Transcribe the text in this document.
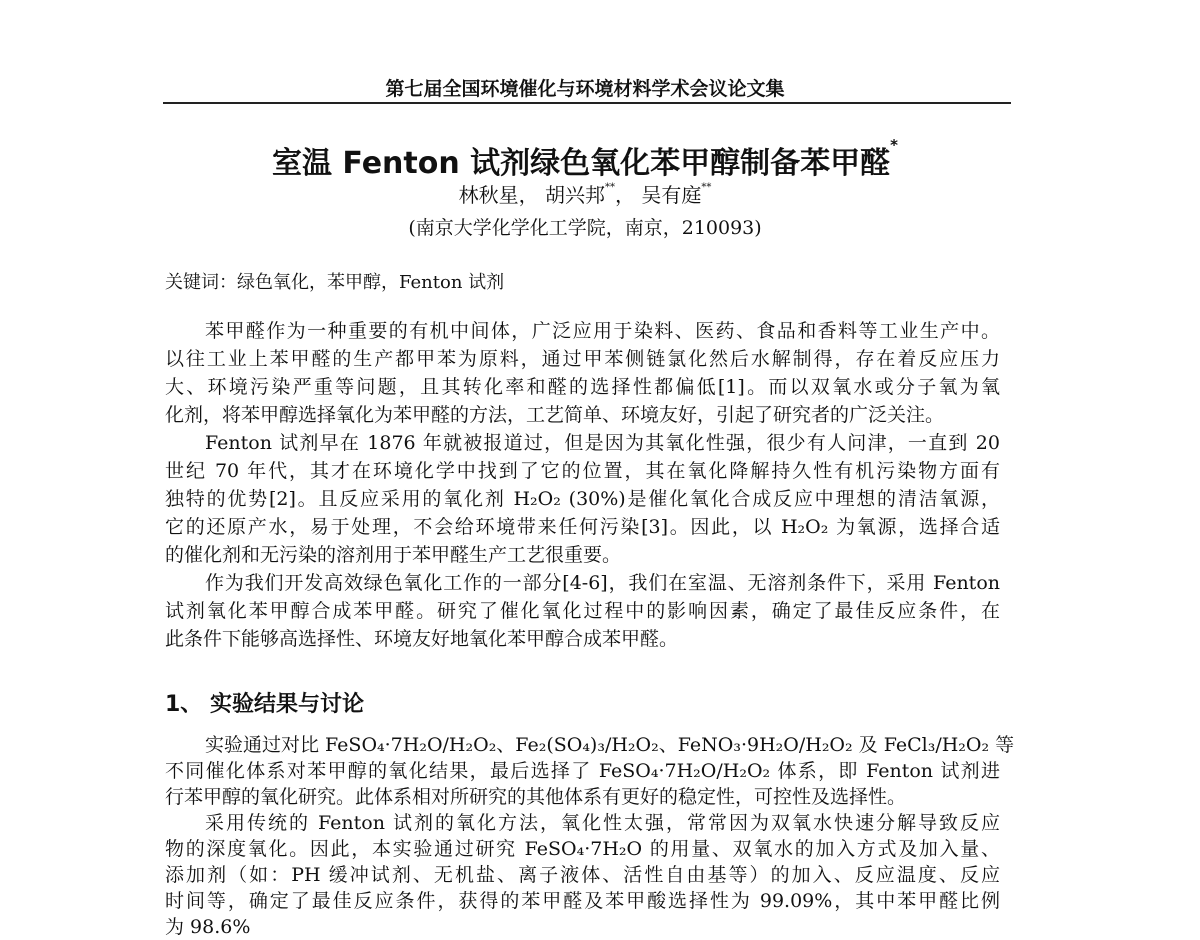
第七届全国环境催化与环境材料学术会议论文集
室温 Fenton 试剂绿色氧化苯甲醇制备苯甲醛*
林秋星， 胡兴邦**， 吴有庭**
(南京大学化学化工学院，南京，210093)
关键词：绿色氧化，苯甲醇，Fenton 试剂
1、 实验结果与讨论
苯甲醛作为一种重要的有机中间体，广泛应用于染料、医药、食品和香料等工业生产中。
以往工业上苯甲醛的生产都甲苯为原料，通过甲苯侧链氯化然后水解制得，存在着反应压力
大、环境污染严重等问题，且其转化率和醛的选择性都偏低[1]。而以双氧水或分子氧为氧
化剂，将苯甲醇选择氧化为苯甲醛的方法，工艺简单、环境友好，引起了研究者的广泛关注。
Fenton 试剂早在 1876 年就被报道过，但是因为其氧化性强，很少有人问津，一直到 20
世纪 70 年代，其才在环境化学中找到了它的位置，其在氧化降解持久性有机污染物方面有
独特的优势[2]。且反应采用的氧化剂 H₂O₂ (30%)是催化氧化合成反应中理想的清洁氧源，
它的还原产水，易于处理，不会给环境带来任何污染[3]。因此，以 H₂O₂ 为氧源，选择合适
的催化剂和无污染的溶剂用于苯甲醛生产工艺很重要。
作为我们开发高效绿色氧化工作的一部分[4-6]，我们在室温、无溶剂条件下，采用 Fenton
试剂氧化苯甲醇合成苯甲醛。研究了催化氧化过程中的影响因素，确定了最佳反应条件，在
此条件下能够高选择性、环境友好地氧化苯甲醇合成苯甲醛。
实验通过对比 FeSO₄·7H₂O/H₂O₂、Fe₂(SO₄)₃/H₂O₂、FeNO₃·9H₂O/H₂O₂ 及 FeCl₃/H₂O₂ 等
不同催化体系对苯甲醇的氧化结果，最后选择了 FeSO₄·7H₂O/H₂O₂ 体系，即 Fenton 试剂进
行苯甲醇的氧化研究。此体系相对所研究的其他体系有更好的稳定性，可控性及选择性。
采用传统的 Fenton 试剂的氧化方法，氧化性太强，常常因为双氧水快速分解导致反应
物的深度氧化。因此，本实验通过研究 FeSO₄·7H₂O 的用量、双氧水的加入方式及加入量、
添加剂（如：PH 缓冲试剂、无机盐、离子液体、活性自由基等）的加入、反应温度、反应
时间等，确定了最佳反应条件，获得的苯甲醛及苯甲酸选择性为 99.09%，其中苯甲醛比例
为 98.6%
